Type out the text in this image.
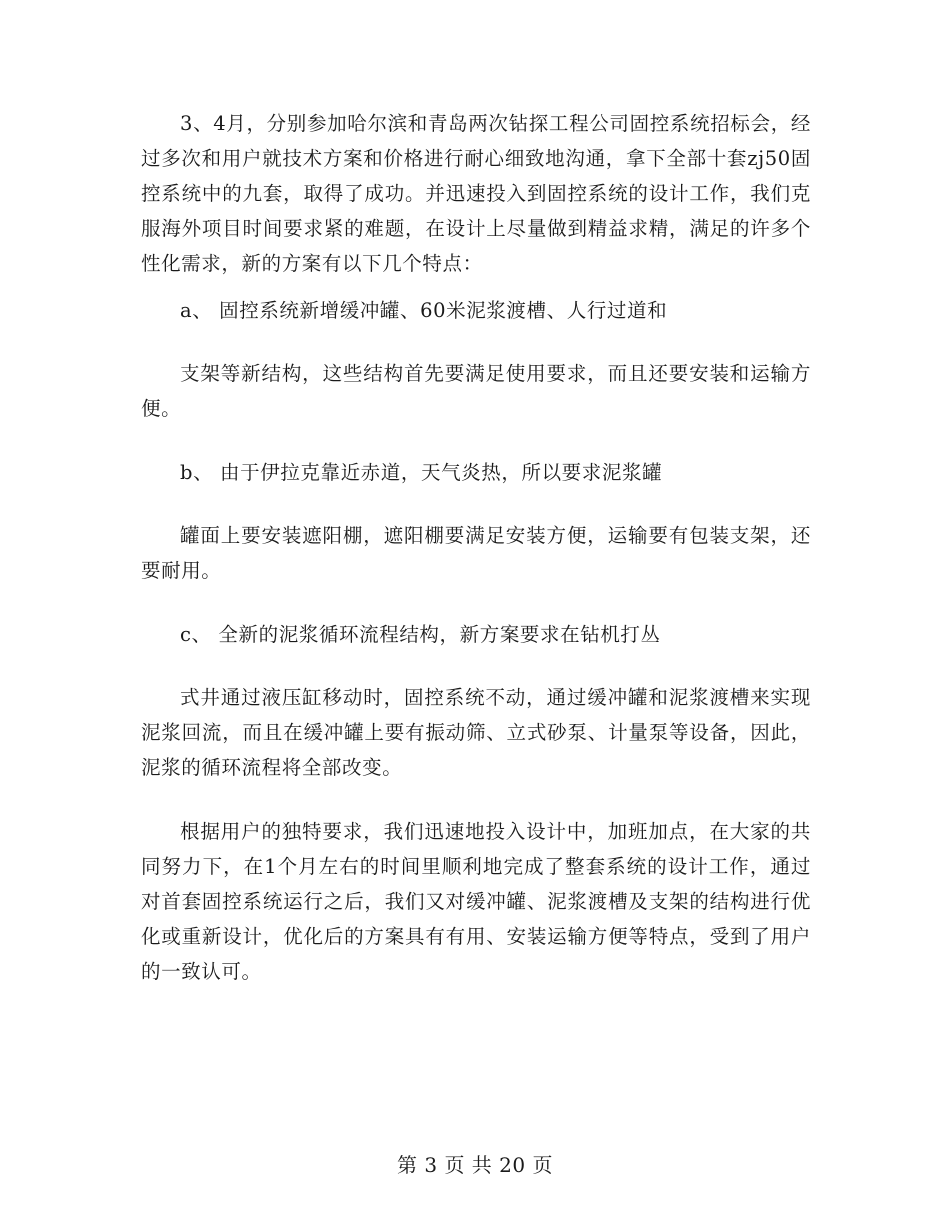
3、4月，分别参加哈尔滨和青岛两次钻探工程公司固控系统招标会，经过多次和用户就技术方案和价格进行耐心细致地沟通，拿下全部十套zj50固控系统中的九套，取得了成功。并迅速投入到固控系统的设计工作，我们克服海外项目时间要求紧的难题，在设计上尽量做到精益求精，满足的许多个性化需求，新的方案有以下几个特点：

a、 固控系统新增缓冲罐、60米泥浆渡槽、人行过道和

支架等新结构，这些结构首先要满足使用要求，而且还要安装和运输方便。

b、 由于伊拉克靠近赤道，天气炎热，所以要求泥浆罐

罐面上要安装遮阳棚，遮阳棚要满足安装方便，运输要有包装支架，还要耐用。

c、 全新的泥浆循环流程结构，新方案要求在钻机打丛

式井通过液压缸移动时，固控系统不动，通过缓冲罐和泥浆渡槽来实现泥浆回流，而且在缓冲罐上要有振动筛、立式砂泵、计量泵等设备，因此，泥浆的循环流程将全部改变。

根据用户的独特要求，我们迅速地投入设计中，加班加点，在大家的共同努力下，在1个月左右的时间里顺利地完成了整套系统的设计工作，通过对首套固控系统运行之后，我们又对缓冲罐、泥浆渡槽及支架的结构进行优化或重新设计，优化后的方案具有有用、安装运输方便等特点，受到了用户的一致认可。

第 3 页 共 20 页
